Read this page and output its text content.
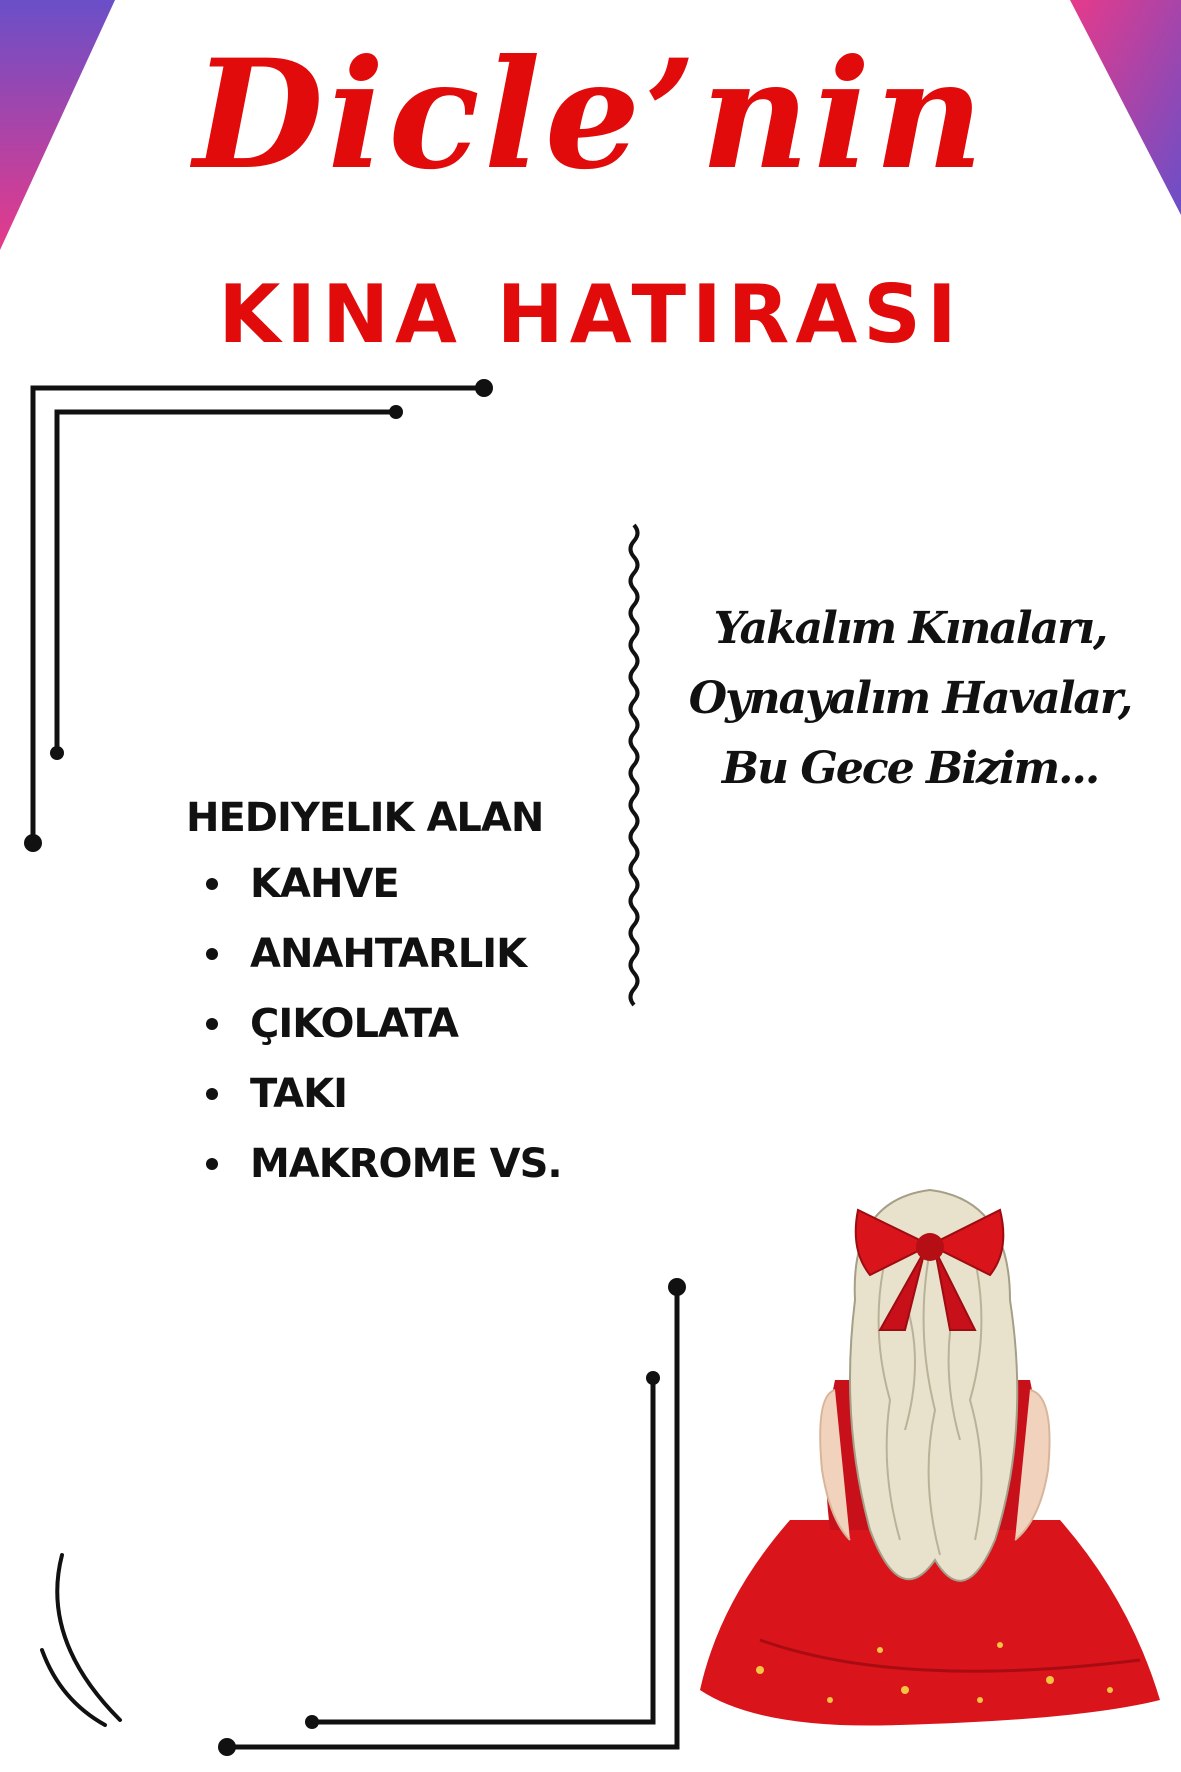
Dicle’nin
KINA HATIRASI
HEDIYELIK ALAN
KAHVE
ANAHTARLIK
ÇIKOLATA
TAKI
MAKROME VS.
Yakalım Kınaları,
Oynayalım Havalar,
Bu Gece Bizim...
